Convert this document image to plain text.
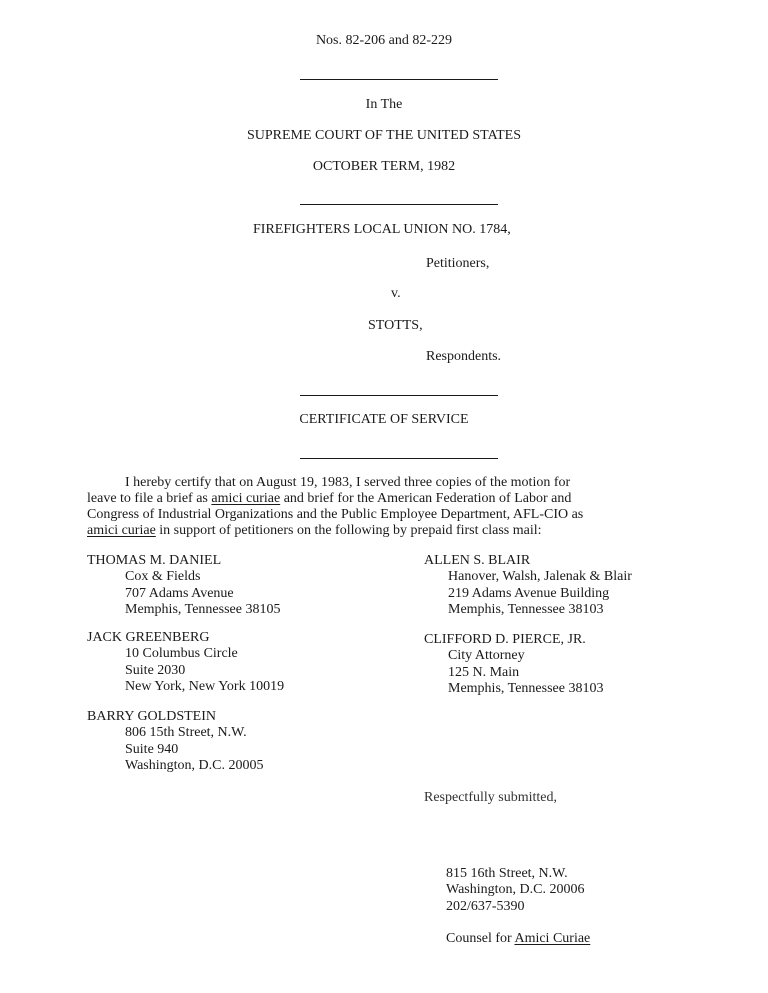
Nos. 82-206 and 82-229
In The
SUPREME COURT OF THE UNITED STATES
OCTOBER TERM, 1982
FIREFIGHTERS LOCAL UNION NO. 1784,
Petitioners,
v.
STOTTS,
Respondents.
CERTIFICATE OF SERVICE
I hereby certify that on August 19, 1983, I served three copies of the motion for
leave to file a brief as amici curiae and brief for the American Federation of Labor and
Congress of Industrial Organizations and the Public Employee Department, AFL-CIO as
amici curiae in support of petitioners on the following by prepaid first class mail:
THOMAS M. DANIEL
Cox & Fields
707 Adams Avenue
Memphis, Tennessee 38105
JACK GREENBERG
10 Columbus Circle
Suite 2030
New York, New York 10019
BARRY GOLDSTEIN
806 15th Street, N.W.
Suite 940
Washington, D.C. 20005
ALLEN S. BLAIR
Hanover, Walsh, Jalenak & Blair
219 Adams Avenue Building
Memphis, Tennessee 38103
CLIFFORD D. PIERCE, JR.
City Attorney
125 N. Main
Memphis, Tennessee 38103
Respectfully submitted,
815 16th Street, N.W.
Washington, D.C. 20006
202/637-5390
Counsel for Amici Curiae
